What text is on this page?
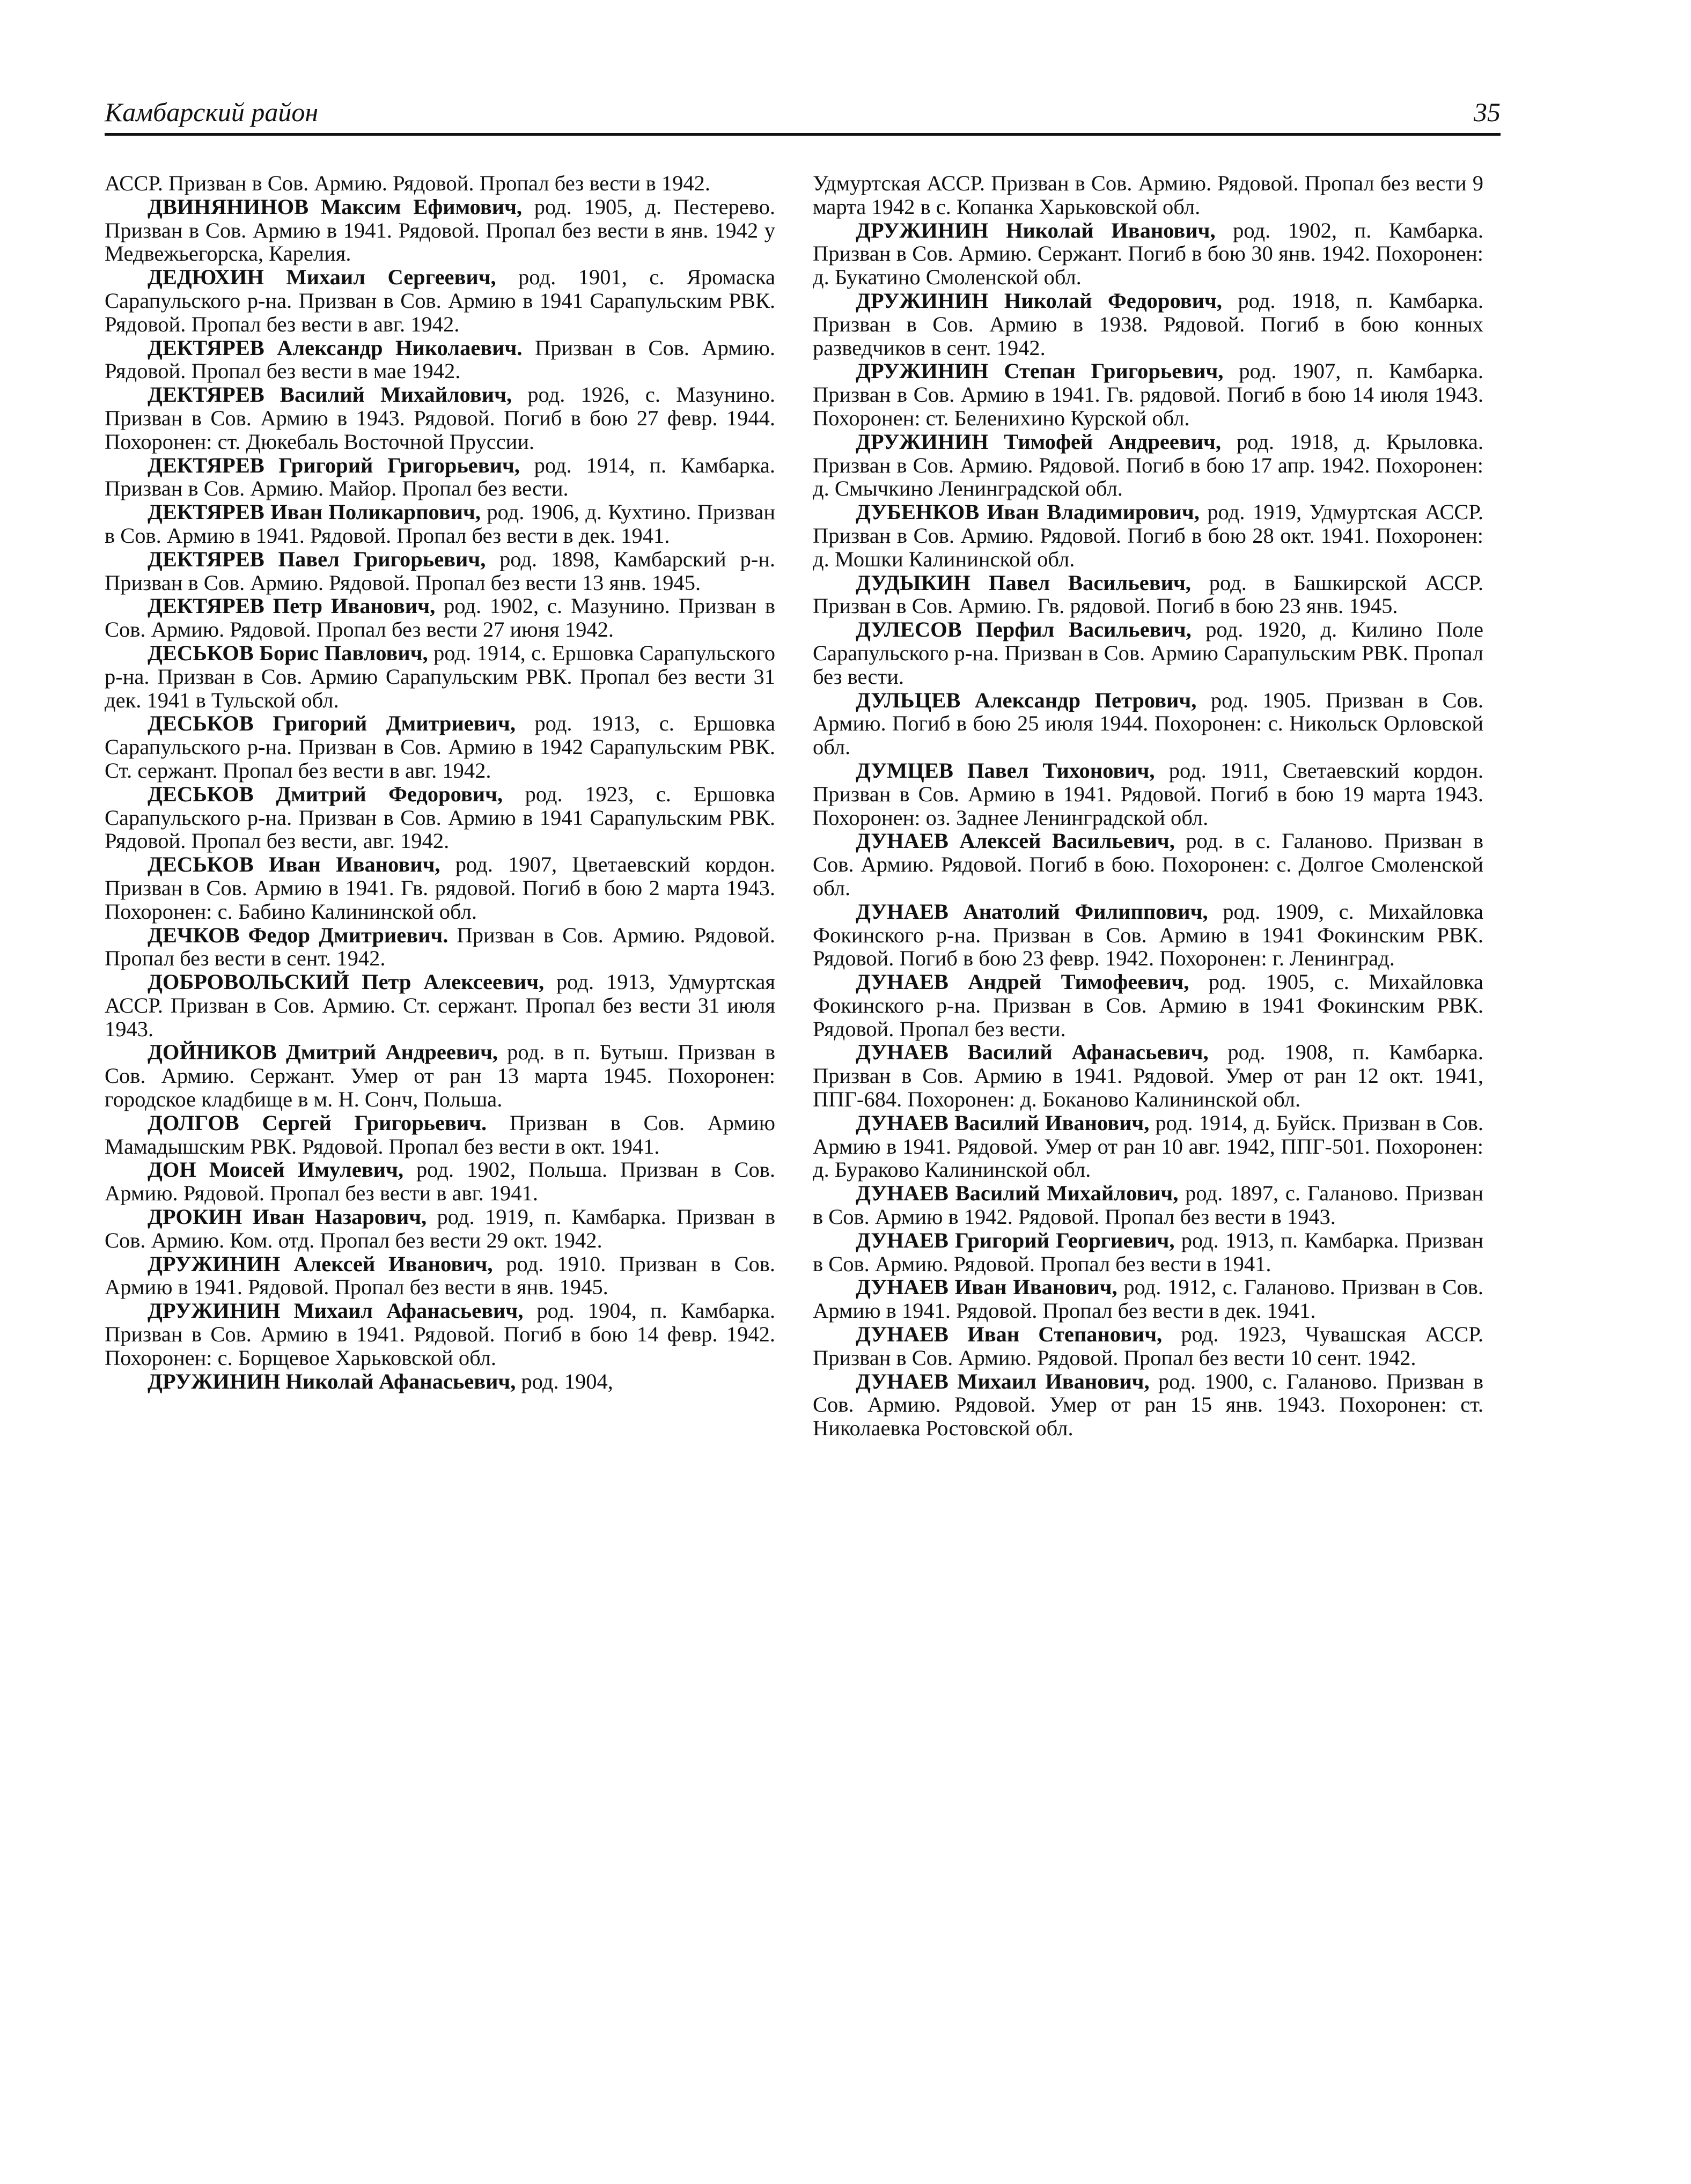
Камбарский район	35

АССР. Призван в Сов. Армию. Рядовой. Пропал без вести в 1942.

ДВИНЯНИНОВ Максим Ефимович, род. 1905, д. Пестерево. Призван в Сов. Армию в 1941. Рядовой. Пропал без вести в янв. 1942 у Медвежьегорска, Карелия.

ДЕДЮХИН Михаил Сергеевич, род. 1901, с. Яромаска Сарапульского р-на. Призван в Сов. Армию в 1941 Сарапульским РВК. Рядовой. Пропал без вести в авг. 1942.

ДЕКТЯРЕВ Александр Николаевич. Призван в Сов. Армию. Рядовой. Пропал без вести в мае 1942.

ДЕКТЯРЕВ Василий Михайлович, род. 1926, с. Мазунино. Призван в Сов. Армию в 1943. Рядовой. Погиб в бою 27 февр. 1944. Похоронен: ст. Дюкебаль Восточной Пруссии.

ДЕКТЯРЕВ Григорий Григорьевич, род. 1914, п. Камбарка. Призван в Сов. Армию. Майор. Пропал без вести.

ДЕКТЯРЕВ Иван Поликарпович, род. 1906, д. Кухтино. Призван в Сов. Армию в 1941. Рядовой. Пропал без вести в дек. 1941.

ДЕКТЯРЕВ Павел Григорьевич, род. 1898, Камбарский р-н. Призван в Сов. Армию. Рядовой. Пропал без вести 13 янв. 1945.

ДЕКТЯРЕВ Петр Иванович, род. 1902, с. Мазунино. Призван в Сов. Армию. Рядовой. Пропал без вести 27 июня 1942.

ДЕСЬКОВ Борис Павлович, род. 1914, с. Ершовка Сарапульского р-на. Призван в Сов. Армию Сарапульским РВК. Пропал без вести 31 дек. 1941 в Тульской обл.

ДЕСЬКОВ Григорий Дмитриевич, род. 1913, с. Ершовка Сарапульского р-на. Призван в Сов. Армию в 1942 Сарапульским РВК. Ст. сержант. Пропал без вести в авг. 1942.

ДЕСЬКОВ Дмитрий Федорович, род. 1923, с. Ершовка Сарапульского р-на. Призван в Сов. Армию в 1941 Сарапульским РВК. Рядовой. Пропал без вести, авг. 1942.

ДЕСЬКОВ Иван Иванович, род. 1907, Цветаевский кордон. Призван в Сов. Армию в 1941. Гв. рядовой. Погиб в бою 2 марта 1943. Похоронен: с. Бабино Калининской обл.

ДЕЧКОВ Федор Дмитриевич. Призван в Сов. Армию. Рядовой. Пропал без вести в сент. 1942.

ДОБРОВОЛЬСКИЙ Петр Алексеевич, род. 1913, Удмуртская АССР. Призван в Сов. Армию. Ст. сержант. Пропал без вести 31 июля 1943.

ДОЙНИКОВ Дмитрий Андреевич, род. в п. Бутыш. Призван в Сов. Армию. Сержант. Умер от ран 13 марта 1945. Похоронен: городское кладбище в м. Н. Сонч, Польша.

ДОЛГОВ Сергей Григорьевич. Призван в Сов. Армию Мамадышским РВК. Рядовой. Пропал без вести в окт. 1941.

ДОН Моисей Имулевич, род. 1902, Польша. Призван в Сов. Армию. Рядовой. Пропал без вести в авг. 1941.

ДРОКИН Иван Назарович, род. 1919, п. Камбарка. Призван в Сов. Армию. Ком. отд. Пропал без вести 29 окт. 1942.

ДРУЖИНИН Алексей Иванович, род. 1910. Призван в Сов. Армию в 1941. Рядовой. Пропал без вести в янв. 1945.

ДРУЖИНИН Михаил Афанасьевич, род. 1904, п. Камбарка. Призван в Сов. Армию в 1941. Рядовой. Погиб в бою 14 февр. 1942. Похоронен: с. Борщевое Харьковской обл.

ДРУЖИНИН Николай Афанасьевич, род. 1904,

Удмуртская АССР. Призван в Сов. Армию. Рядовой. Пропал без вести 9 марта 1942 в с. Копанка Харьковской обл.

ДРУЖИНИН Николай Иванович, род. 1902, п. Камбарка. Призван в Сов. Армию. Сержант. Погиб в бою 30 янв. 1942. Похоронен: д. Букатино Смоленской обл.

ДРУЖИНИН Николай Федорович, род. 1918, п. Камбарка. Призван в Сов. Армию в 1938. Рядовой. Погиб в бою конных разведчиков в сент. 1942.

ДРУЖИНИН Степан Григорьевич, род. 1907, п. Камбарка. Призван в Сов. Армию в 1941. Гв. рядовой. Погиб в бою 14 июля 1943. Похоронен: ст. Беленихино Курской обл.

ДРУЖИНИН Тимофей Андреевич, род. 1918, д. Крыловка. Призван в Сов. Армию. Рядовой. Погиб в бою 17 апр. 1942. Похоронен: д. Смычкино Ленинградской обл.

ДУБЕНКОВ Иван Владимирович, род. 1919, Удмуртская АССР. Призван в Сов. Армию. Рядовой. Погиб в бою 28 окт. 1941. Похоронен: д. Мошки Калининской обл.

ДУДЫКИН Павел Васильевич, род. в Башкирской АССР. Призван в Сов. Армию. Гв. рядовой. Погиб в бою 23 янв. 1945.

ДУЛЕСОВ Перфил Васильевич, род. 1920, д. Килино Поле Сарапульского р-на. Призван в Сов. Армию Сарапульским РВК. Пропал без вести.

ДУЛЬЦЕВ Александр Петрович, род. 1905. Призван в Сов. Армию. Погиб в бою 25 июля 1944. Похоронен: с. Никольск Орловской обл.

ДУМЦЕВ Павел Тихонович, род. 1911, Светаевский кордон. Призван в Сов. Армию в 1941. Рядовой. Погиб в бою 19 марта 1943. Похоронен: оз. Заднее Ленинградской обл.

ДУНАЕВ Алексей Васильевич, род. в с. Галаново. Призван в Сов. Армию. Рядовой. Погиб в бою. Похоронен: с. Долгое Смоленской обл.

ДУНАЕВ Анатолий Филиппович, род. 1909, с. Михайловка Фокинского р-на. Призван в Сов. Армию в 1941 Фокинским РВК. Рядовой. Погиб в бою 23 февр. 1942. Похоронен: г. Ленинград.

ДУНАЕВ Андрей Тимофеевич, род. 1905, с. Михайловка Фокинского р-на. Призван в Сов. Армию в 1941 Фокинским РВК. Рядовой. Пропал без вести.

ДУНАЕВ Василий Афанасьевич, род. 1908, п. Камбарка. Призван в Сов. Армию в 1941. Рядовой. Умер от ран 12 окт. 1941, ППГ-684. Похоронен: д. Боканово Калининской обл.

ДУНАЕВ Василий Иванович, род. 1914, д. Буйск. Призван в Сов. Армию в 1941. Рядовой. Умер от ран 10 авг. 1942, ППГ-501. Похоронен: д. Бураково Калининской обл.

ДУНАЕВ Василий Михайлович, род. 1897, с. Галаново. Призван в Сов. Армию в 1942. Рядовой. Пропал без вести в 1943.

ДУНАЕВ Григорий Георгиевич, род. 1913, п. Камбарка. Призван в Сов. Армию. Рядовой. Пропал без вести в 1941.

ДУНАЕВ Иван Иванович, род. 1912, с. Галаново. Призван в Сов. Армию в 1941. Рядовой. Пропал без вести в дек. 1941.

ДУНАЕВ Иван Степанович, род. 1923, Чувашская АССР. Призван в Сов. Армию. Рядовой. Пропал без вести 10 сент. 1942.

ДУНАЕВ Михаил Иванович, род. 1900, с. Галаново. Призван в Сов. Армию. Рядовой. Умер от ран 15 янв. 1943. Похоронен: ст. Николаевка Ростовской обл.
